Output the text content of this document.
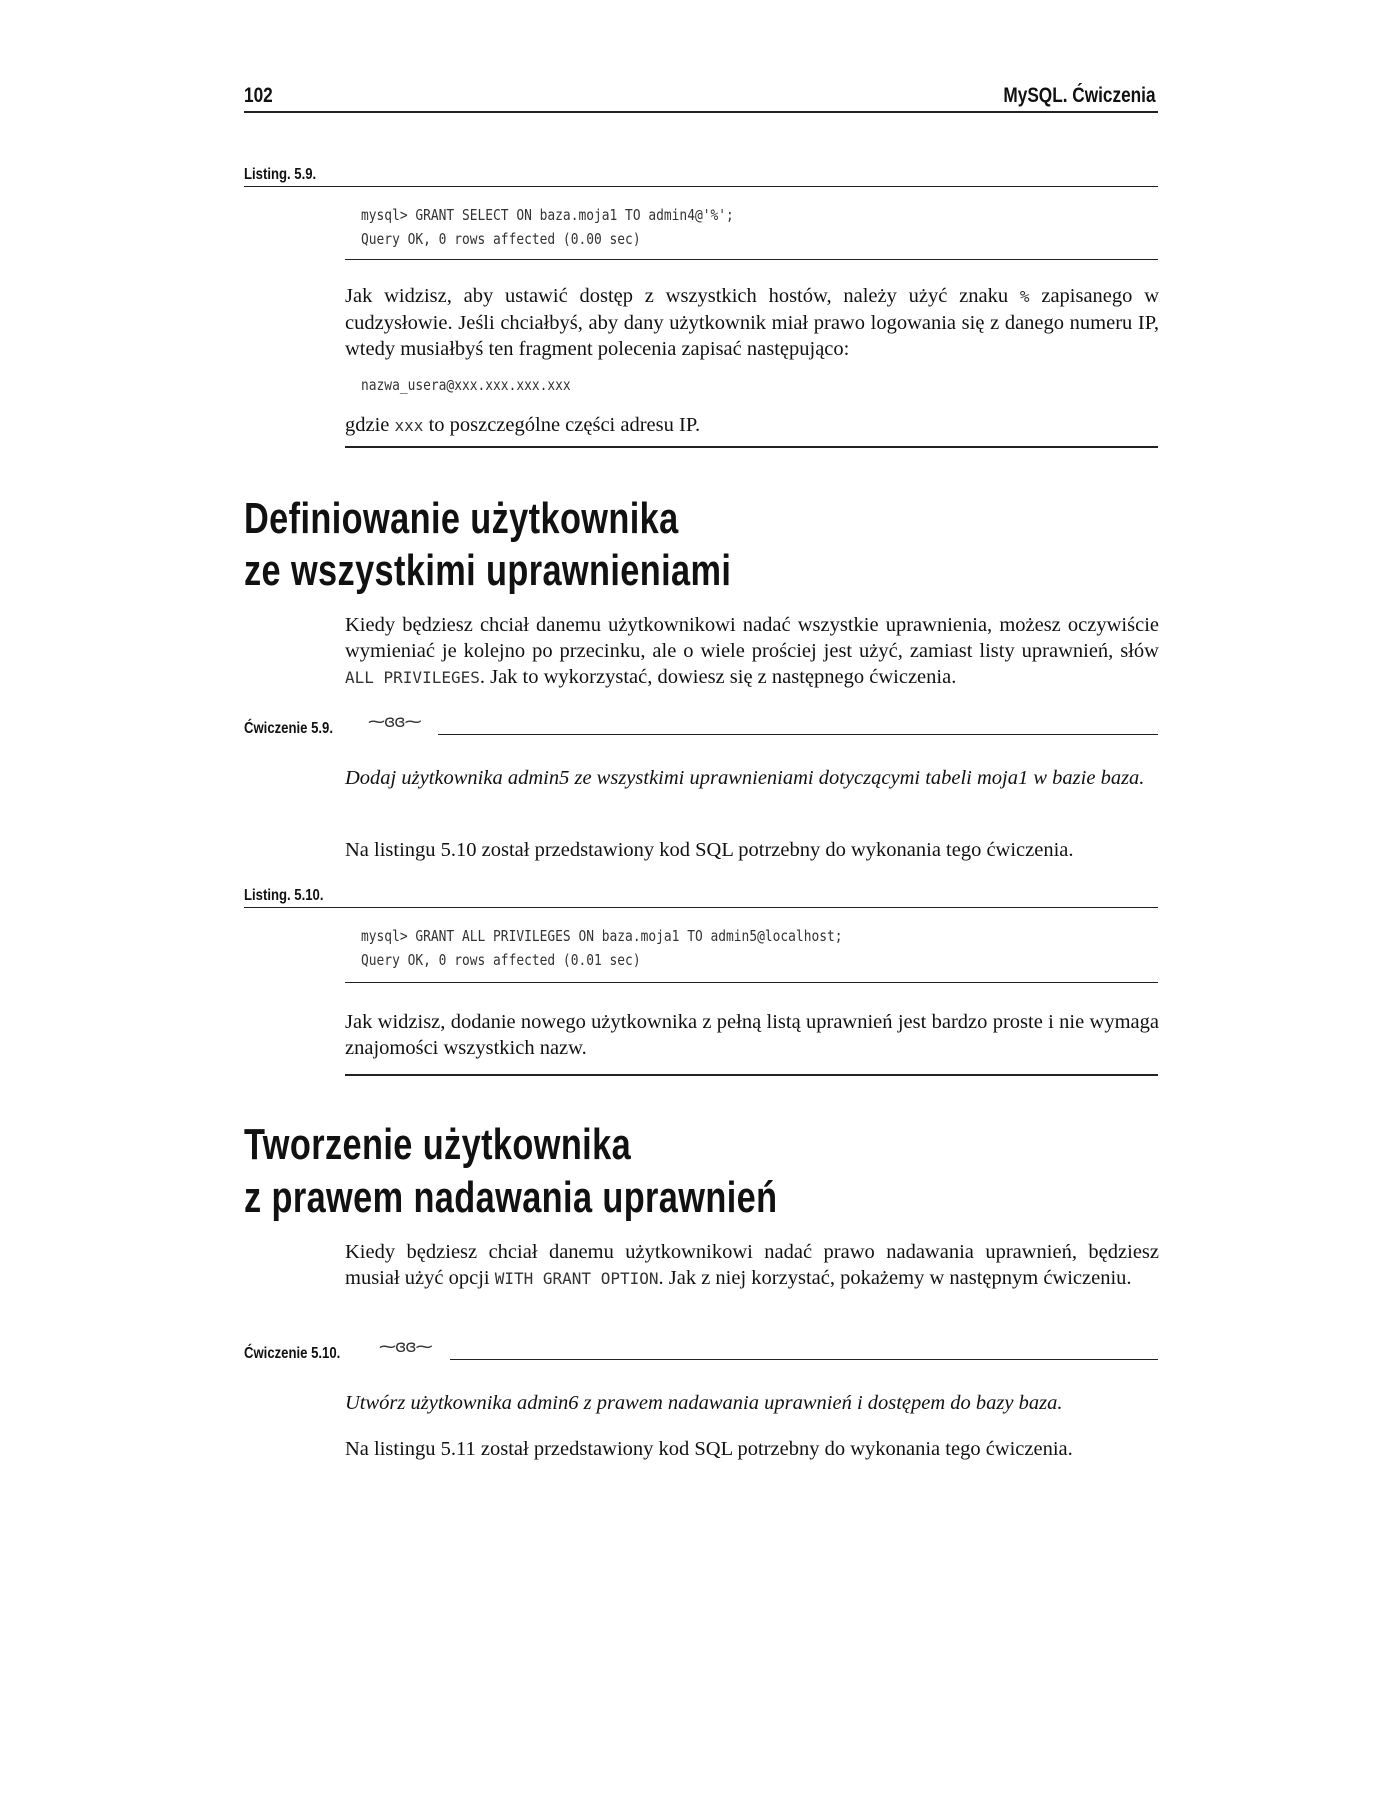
102	MySQL. Ćwiczenia
Listing. 5.9.
mysql> GRANT SELECT ON baza.moja1 TO admin4@'%';
Query OK, 0 rows affected (0.00 sec)

Jak widzisz, aby ustawić dostęp z wszystkich hostów, należy użyć znaku % zapisanego w cudzysłowie. Jeśli chciałbyś, aby dany użytkownik miał prawo logowania się z danego numeru IP, wtedy musiałbyś ten fragment polecenia zapisać następująco:

nazwa_usera@xxx.xxx.xxx.xxx

gdzie xxx to poszczególne części adresu IP.

Definiowanie użytkownika
ze wszystkimi uprawnieniami

Kiedy będziesz chciał danemu użytkownikowi nadać wszystkie uprawnienia, możesz oczywiście wymieniać je kolejno po przecinku, ale o wiele prościej jest użyć, zamiast listy uprawnień, słów ALL PRIVILEGES. Jak to wykorzystać, dowiesz się z następnego ćwiczenia.

Ćwiczenie 5.9. ⁓ɞɞ⁓

Dodaj użytkownika admin5 ze wszystkimi uprawnieniami dotyczącymi tabeli moja1 w bazie baza.

Na listingu 5.10 został przedstawiony kod SQL potrzebny do wykonania tego ćwiczenia.

Listing. 5.10.
mysql> GRANT ALL PRIVILEGES ON baza.moja1 TO admin5@localhost;
Query OK, 0 rows affected (0.01 sec)

Jak widzisz, dodanie nowego użytkownika z pełną listą uprawnień jest bardzo proste i nie wymaga znajomości wszystkich nazw.

Tworzenie użytkownika
z prawem nadawania uprawnień

Kiedy będziesz chciał danemu użytkownikowi nadać prawo nadawania uprawnień, będziesz musiał użyć opcji WITH GRANT OPTION. Jak z niej korzystać, pokażemy w następnym ćwiczeniu.

Ćwiczenie 5.10. ⁓ɞɞ⁓

Utwórz użytkownika admin6 z prawem nadawania uprawnień i dostępem do bazy baza.

Na listingu 5.11 został przedstawiony kod SQL potrzebny do wykonania tego ćwiczenia.
